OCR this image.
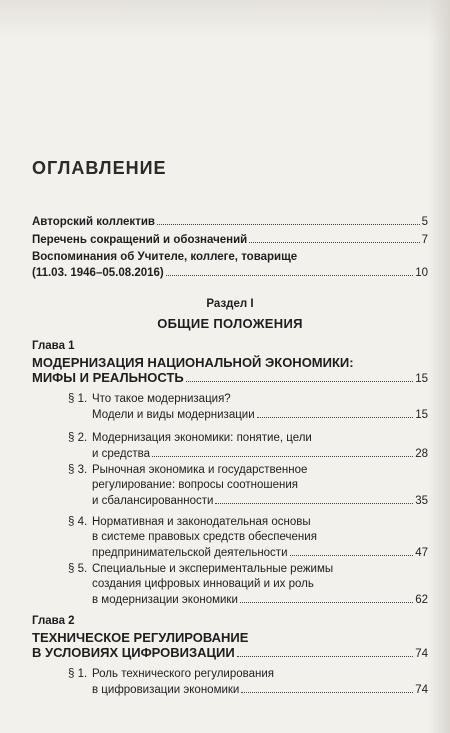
ОГЛАВЛЕНИЕ
Авторский коллектив	5
Перечень сокращений и обозначений	7
Воспоминания об Учителе, коллеге, товарище
(11.03. 1946–05.08.2016)	10
Раздел I
ОБЩИЕ ПОЛОЖЕНИЯ
Глава 1
МОДЕРНИЗАЦИЯ НАЦИОНАЛЬНОЙ ЭКОНОМИКИ:
МИФЫ И РЕАЛЬНОСТЬ	15
§ 1. Что такое модернизация?
Модели и виды модернизации	15
§ 2. Модернизация экономики: понятие, цели
и средства	28
§ 3. Рыночная экономика и государственное
регулирование: вопросы соотношения
и сбалансированности	35
§ 4. Нормативная и законодательная основы
в системе правовых средств обеспечения
предпринимательской деятельности	47
§ 5. Специальные и экспериментальные режимы
создания цифровых инноваций и их роль
в модернизации экономики	62
Глава 2
ТЕХНИЧЕСКОЕ РЕГУЛИРОВАНИЕ
В УСЛОВИЯХ ЦИФРОВИЗАЦИИ	74
§ 1. Роль технического регулирования
в цифровизации экономики	74
